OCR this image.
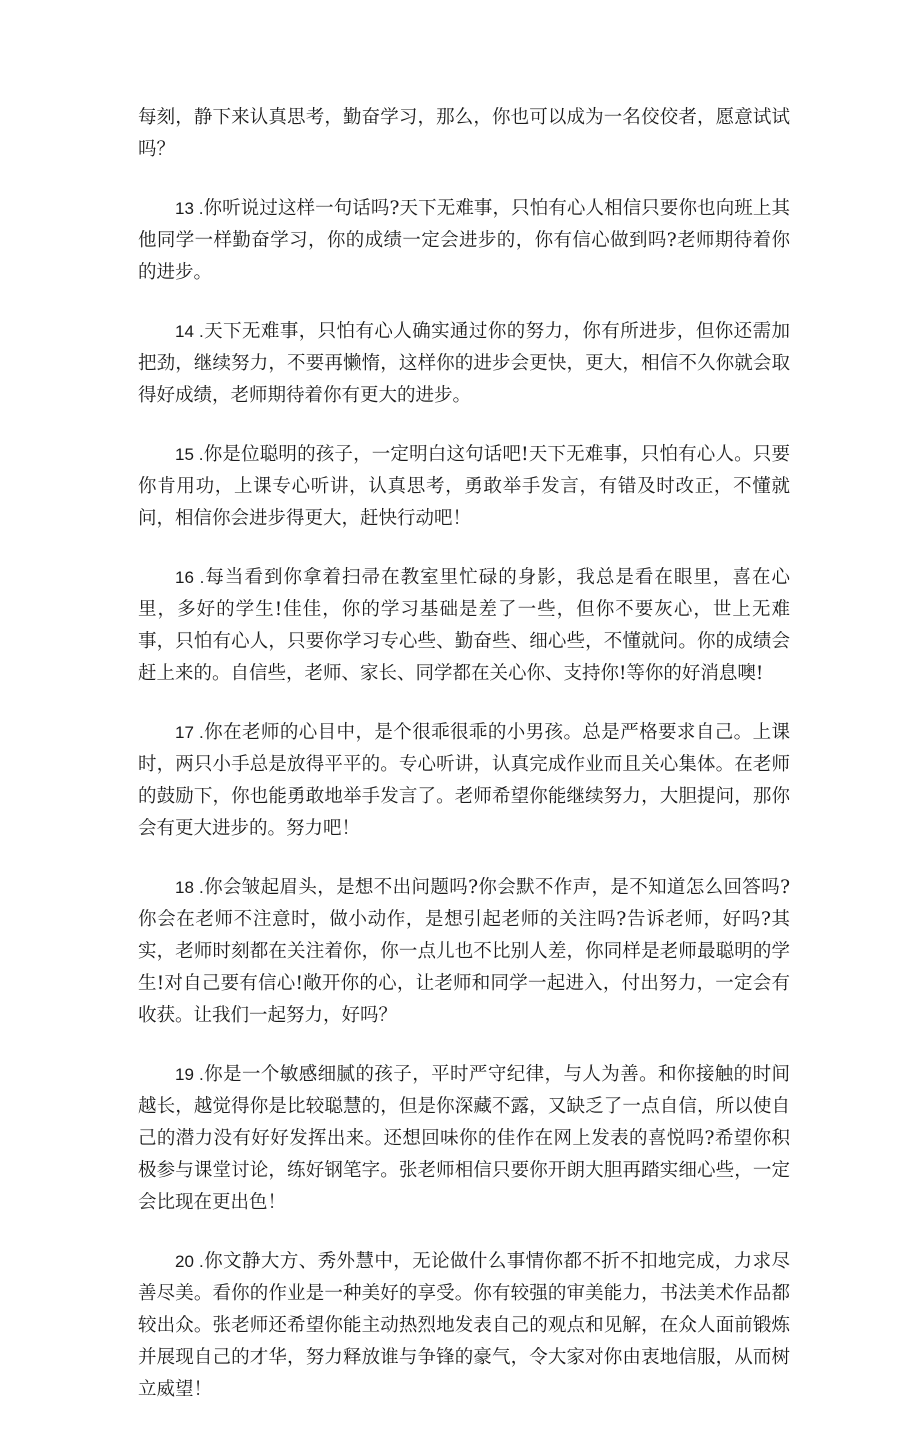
每刻，静下来认真思考，勤奋学习，那么，你也可以成为一名佼佼者，愿意试试吗？

13 .你听说过这样一句话吗?天下无难事，只怕有心人相信只要你也向班上其他同学一样勤奋学习，你的成绩一定会进步的，你有信心做到吗?老师期待着你的进步。

14 .天下无难事，只怕有心人确实通过你的努力，你有所进步，但你还需加把劲，继续努力，不要再懒惰，这样你的进步会更快，更大，相信不久你就会取得好成绩，老师期待着你有更大的进步。

15 .你是位聪明的孩子，一定明白这句话吧!天下无难事，只怕有心人。只要你肯用功，上课专心听讲，认真思考，勇敢举手发言，有错及时改正，不懂就问，相信你会进步得更大，赶快行动吧！

16 .每当看到你拿着扫帚在教室里忙碌的身影，我总是看在眼里，喜在心里，多好的学生!佳佳，你的学习基础是差了一些，但你不要灰心，世上无难事，只怕有心人，只要你学习专心些、勤奋些、细心些，不懂就问。你的成绩会赶上来的。自信些，老师、家长、同学都在关心你、支持你!等你的好消息噢!

17 .你在老师的心目中，是个很乖很乖的小男孩。总是严格要求自己。上课时，两只小手总是放得平平的。专心听讲，认真完成作业而且关心集体。在老师的鼓励下，你也能勇敢地举手发言了。老师希望你能继续努力，大胆提问，那你会有更大进步的。努力吧！

18 .你会皱起眉头，是想不出问题吗?你会默不作声，是不知道怎么回答吗?你会在老师不注意时，做小动作，是想引起老师的关注吗?告诉老师，好吗?其实，老师时刻都在关注着你，你一点儿也不比别人差，你同样是老师最聪明的学生!对自己要有信心!敞开你的心，让老师和同学一起进入，付出努力，一定会有收获。让我们一起努力，好吗？

19 .你是一个敏感细腻的孩子，平时严守纪律，与人为善。和你接触的时间越长，越觉得你是比较聪慧的，但是你深藏不露，又缺乏了一点自信，所以使自己的潜力没有好好发挥出来。还想回味你的佳作在网上发表的喜悦吗?希望你积极参与课堂讨论，练好钢笔字。张老师相信只要你开朗大胆再踏实细心些，一定会比现在更出色！

20 .你文静大方、秀外慧中，无论做什么事情你都不折不扣地完成，力求尽善尽美。看你的作业是一种美好的享受。你有较强的审美能力，书法美术作品都较出众。张老师还希望你能主动热烈地发表自己的观点和见解，在众人面前锻炼并展现自己的才华，努力释放谁与争锋的豪气，令大家对你由衷地信服，从而树立威望！
